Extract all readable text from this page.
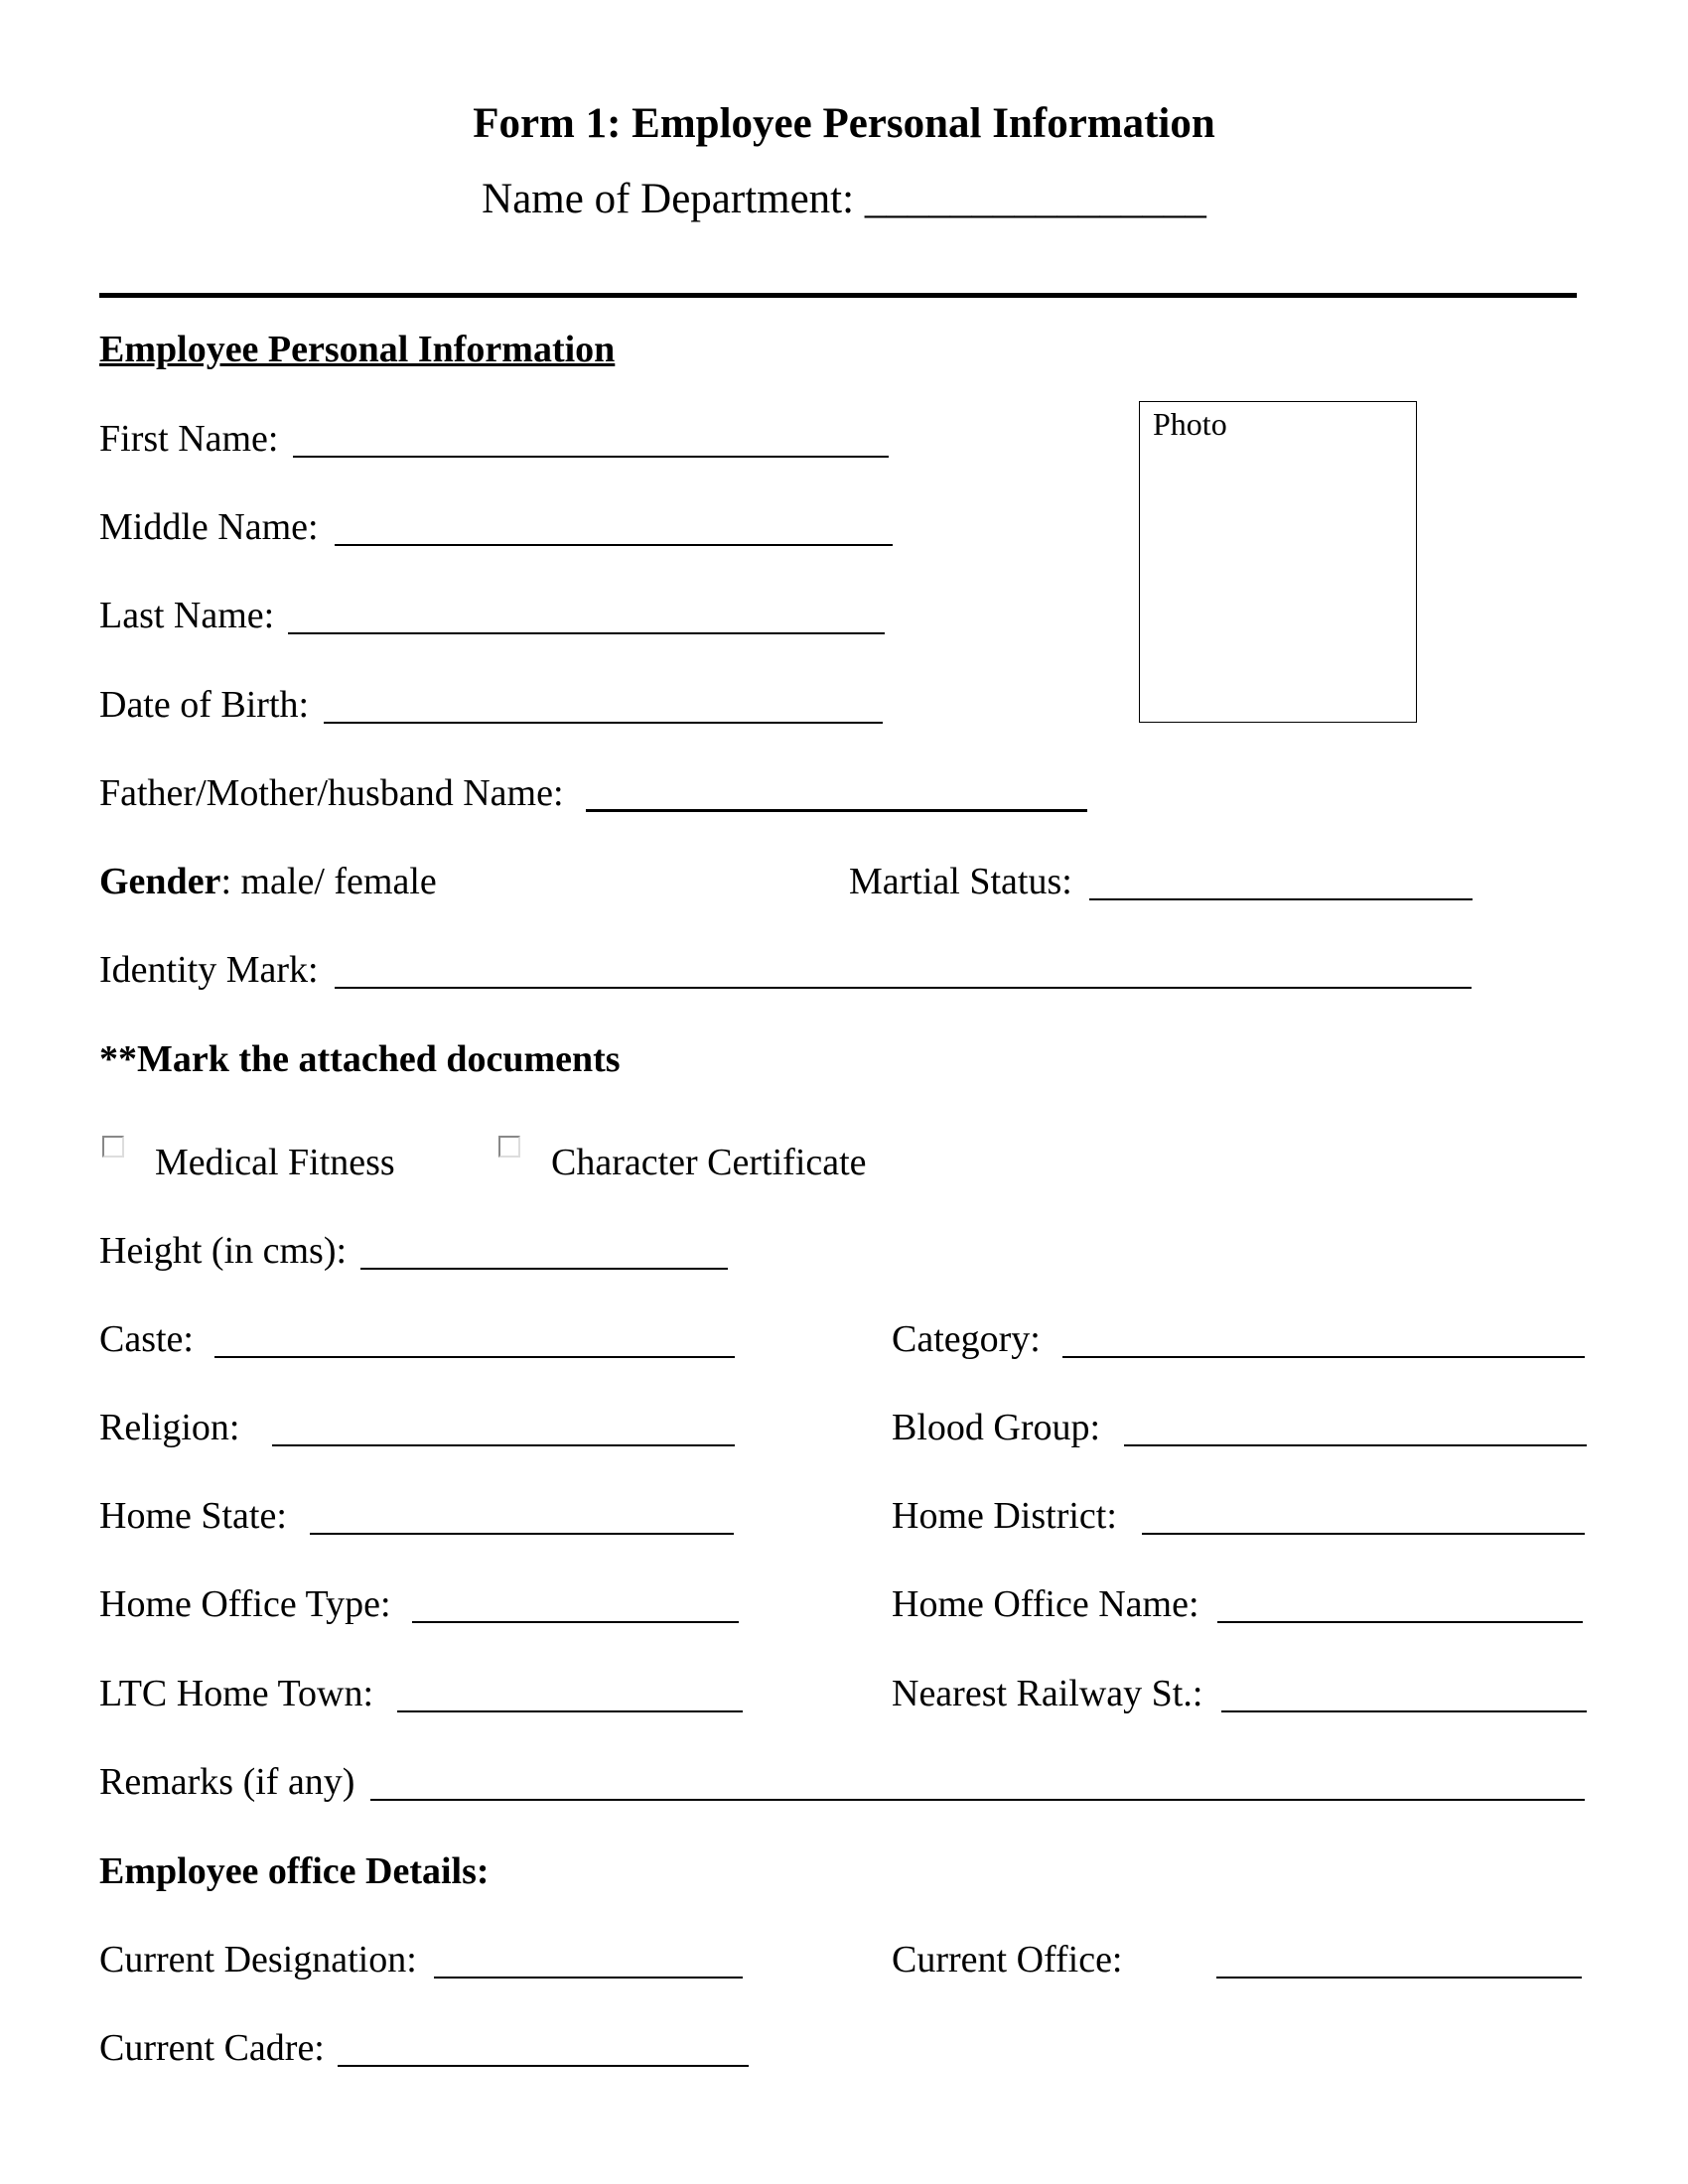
Form 1: Employee Personal Information
Name of Department: ________________
Employee Personal Information
Photo
First Name:
Middle Name:
Last Name:
Date of Birth:
Father/Mother/husband Name:
Gender: male/ female	Martial Status:
Identity Mark:
**Mark the attached documents
Medical Fitness	Character Certificate
Height (in cms):
Caste:	Category:
Religion:	Blood Group:
Home State:	Home District:
Home Office Type:	Home Office Name:
LTC Home Town:	Nearest Railway St.:
Remarks (if any)
Employee office Details:
Current Designation:	Current Office:
Current Cadre:
